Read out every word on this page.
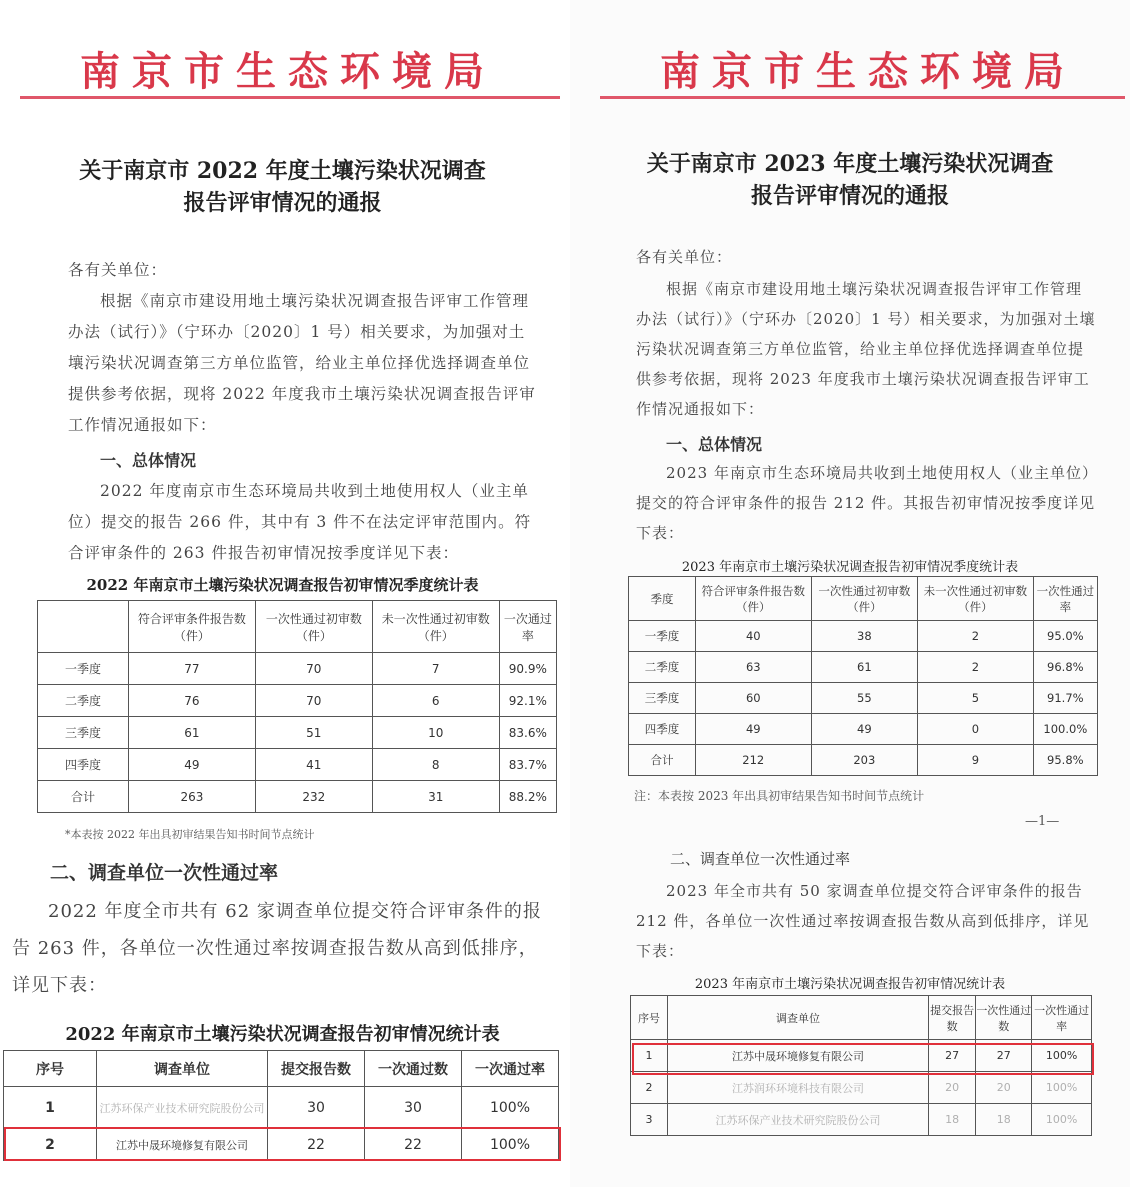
南京市生态环境局
关于南京市 2022 年度土壤污染状况调查
报告评审情况的通报

各有关单位：

根据《南京市建设用地土壤污染状况调查报告评审工作管理办法（试行）》（宁环办〔2020〕1 号）相关要求，为加强对土壤污染状况调查第三方单位监管，给业主单位择优选择调查单位提供参考依据，现将 2022 年度我市土壤污染状况调查报告评审工作情况通报如下：

一、总体情况

2022 年度南京市生态环境局共收到土地使用权人（业主单位）提交的报告 266 件，其中有 3 件不在法定评审范围内。符合评审条件的 263 件报告初审情况按季度详见下表：

2022 年南京市土壤污染状况调查报告初审情况季度统计表
	符合评审条件报告数（件）	一次性通过初审数（件）	未一次性通过初审数（件）	一次通过率
一季度	77	70	7	90.9%
二季度	76	70	6	92.1%
三季度	61	51	10	83.6%
四季度	49	41	8	83.7%
合计	263	232	31	88.2%
*本表按 2022 年出具初审结果告知书时间节点统计
二、调查单位一次性通过率

2022 年度全市共有 62 家调查单位提交符合评审条件的报告 263 件，各单位一次性通过率按调查报告数从高到低排序，详见下表：

2022 年南京市土壤污染状况调查报告初审情况统计表
序号	调查单位	提交报告数	一次通过数	一次通过率
1	江苏环保产业技术研究院股份公司	30	30	100%
2	江苏中晟环境修复有限公司	22	22	100%
南京市生态环境局
关于南京市 2023 年度土壤污染状况调查
报告评审情况的通报

各有关单位：

根据《南京市建设用地土壤污染状况调查报告评审工作管理办法（试行）》（宁环办〔2020〕1 号）相关要求，为加强对土壤污染状况调查第三方单位监管，给业主单位择优选择调查单位提供参考依据，现将 2023 年度我市土壤污染状况调查报告评审工作情况通报如下：

一、总体情况

2023 年南京市生态环境局共收到土地使用权人（业主单位）提交的符合评审条件的报告 212 件。其报告初审情况按季度详见下表：

2023 年南京市土壤污染状况调查报告初审情况季度统计表
季度	符合评审条件报告数（件）	一次性通过初审数（件）	未一次性通过初审数（件）	一次性通过率
一季度	40	38	2	95.0%
二季度	63	61	2	96.8%
三季度	60	55	5	91.7%
四季度	49	49	0	100.0%
合计	212	203	9	95.8%
注：本表按 2023 年出具初审结果告知书时间节点统计
—1—
二、调查单位一次性通过率

2023 年全市共有 50 家调查单位提交符合评审条件的报告 212 件，各单位一次性通过率按调查报告数从高到低排序，详见下表：

2023 年南京市土壤污染状况调查报告初审情况统计表
序号	调查单位	提交报告数	一次性通过数	一次性通过率
1	江苏中晟环境修复有限公司	27	27	100%
2	江苏润环环境科技有限公司	20	20	100%
3	江苏环保产业技术研究院股份公司	18	18	100%
